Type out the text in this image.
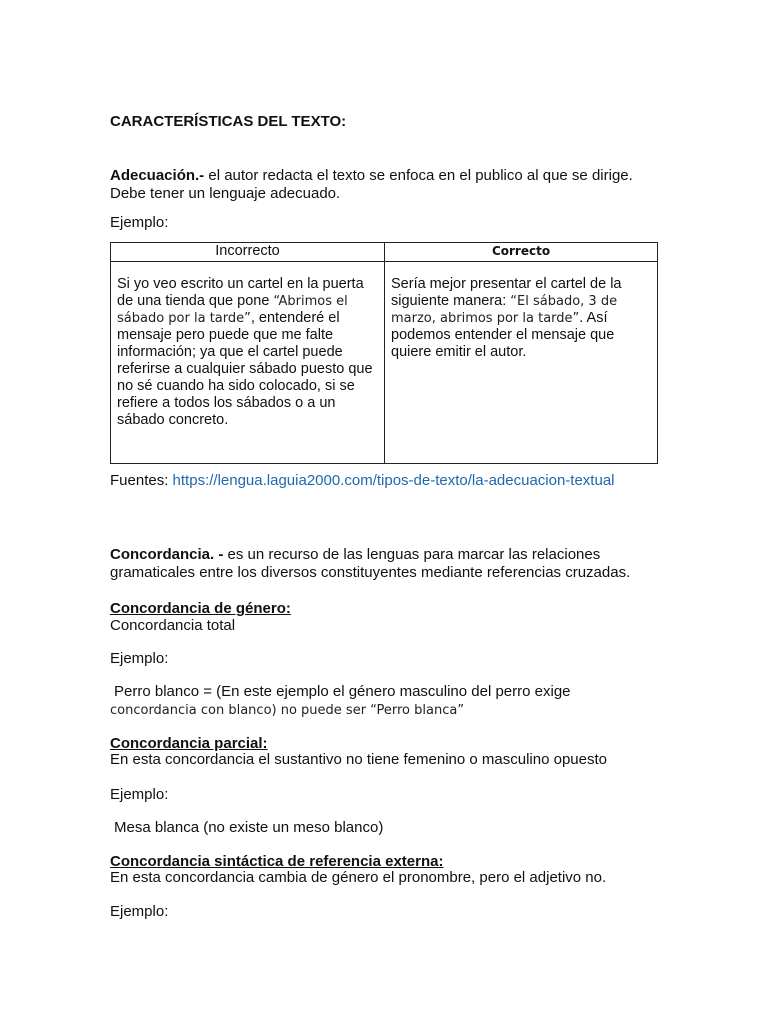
CARACTERÍSTICAS DEL TEXTO:
Adecuación.- el autor redacta el texto se enfoca en el publico al que se dirige. Debe tener un lenguaje adecuado.
Ejemplo:
Incorrecto	Correcto
Si yo veo escrito un cartel en la puerta de una tienda que pone “Abrimos el sábado por la tarde”, entenderé el mensaje pero puede que me falte información; ya que el cartel puede referirse a cualquier sábado puesto que no sé cuando ha sido colocado, si se refiere a todos los sábados o a un sábado concreto.	Sería mejor presentar el cartel de la siguiente manera: “El sábado, 3 de marzo, abrimos por la tarde”. Así podemos entender el mensaje que quiere emitir el autor.
Fuentes: https://lengua.laguia2000.com/tipos-de-texto/la-adecuacion-textual
Concordancia. - es un recurso de las lenguas para marcar las relaciones gramaticales entre los diversos constituyentes mediante referencias cruzadas.
Concordancia de género:
Concordancia total
Ejemplo:
Perro blanco = (En este ejemplo el género masculino del perro exige
concordancia con blanco) no puede ser “Perro blanca”
Concordancia parcial:
En esta concordancia el sustantivo no tiene femenino o masculino opuesto
Ejemplo:
Mesa blanca (no existe un meso blanco)
Concordancia sintáctica de referencia externa:
En esta concordancia cambia de género el pronombre, pero el adjetivo no.
Ejemplo:
